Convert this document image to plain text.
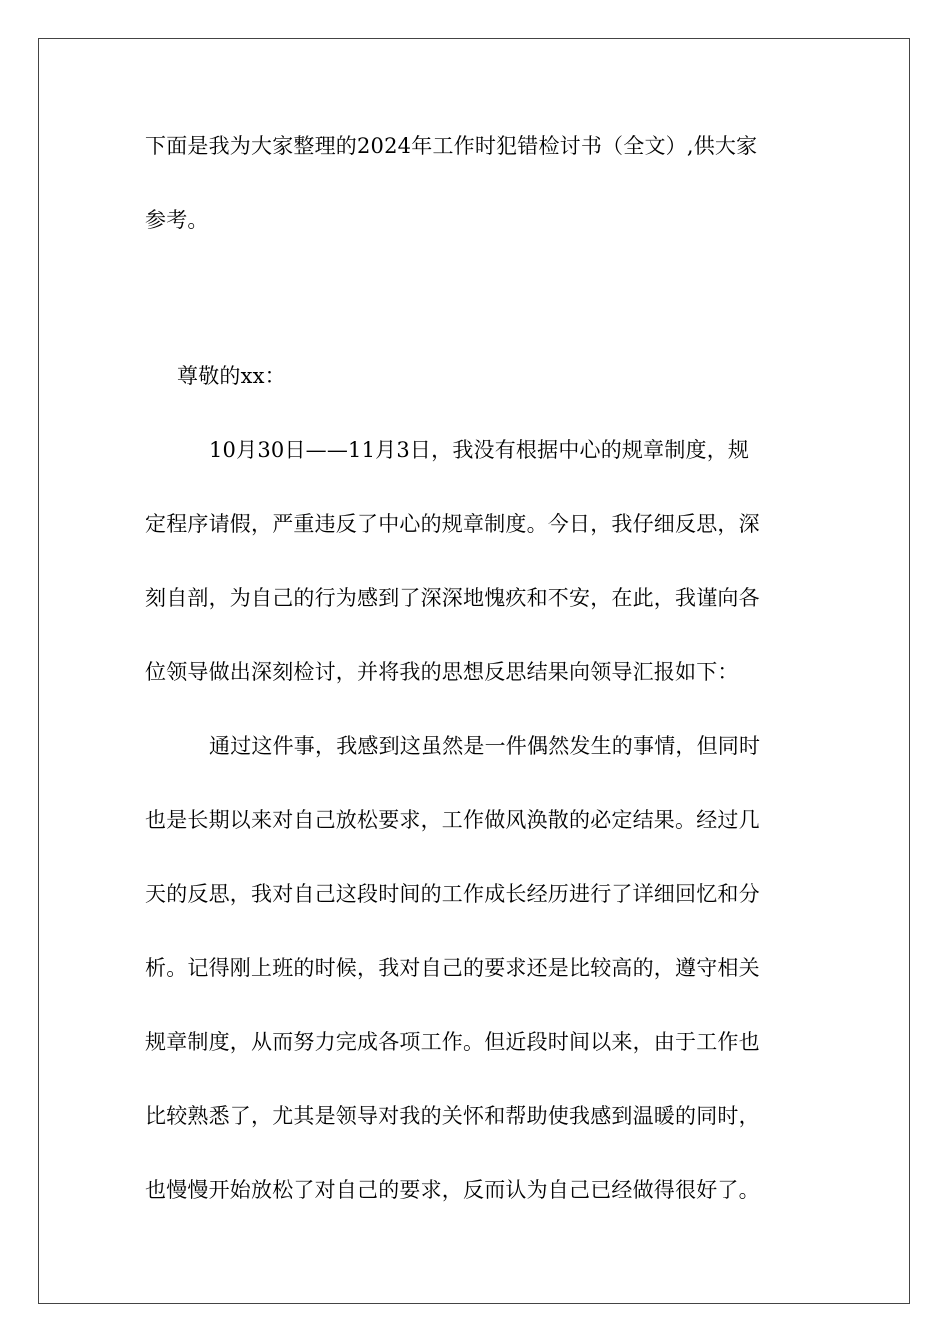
下面是我为大家整理的2024年工作时犯错检讨书（全文）,供大家
参考。
尊敬的xx：
10月30日——11月3日，我没有根据中心的规章制度，规
定程序请假，严重违反了中心的规章制度。今日，我仔细反思，深
刻自剖，为自己的行为感到了深深地愧疚和不安，在此，我谨向各
位领导做出深刻检讨，并将我的思想反思结果向领导汇报如下：
通过这件事，我感到这虽然是一件偶然发生的事情，但同时
也是长期以来对自己放松要求，工作做风涣散的必定结果。经过几
天的反思，我对自己这段时间的工作成长经历进行了详细回忆和分
析。记得刚上班的时候，我对自己的要求还是比较高的，遵守相关
规章制度，从而努力完成各项工作。但近段时间以来，由于工作也
比较熟悉了，尤其是领导对我的关怀和帮助使我感到温暖的同时，
也慢慢开始放松了对自己的要求，反而认为自己已经做得很好了。
